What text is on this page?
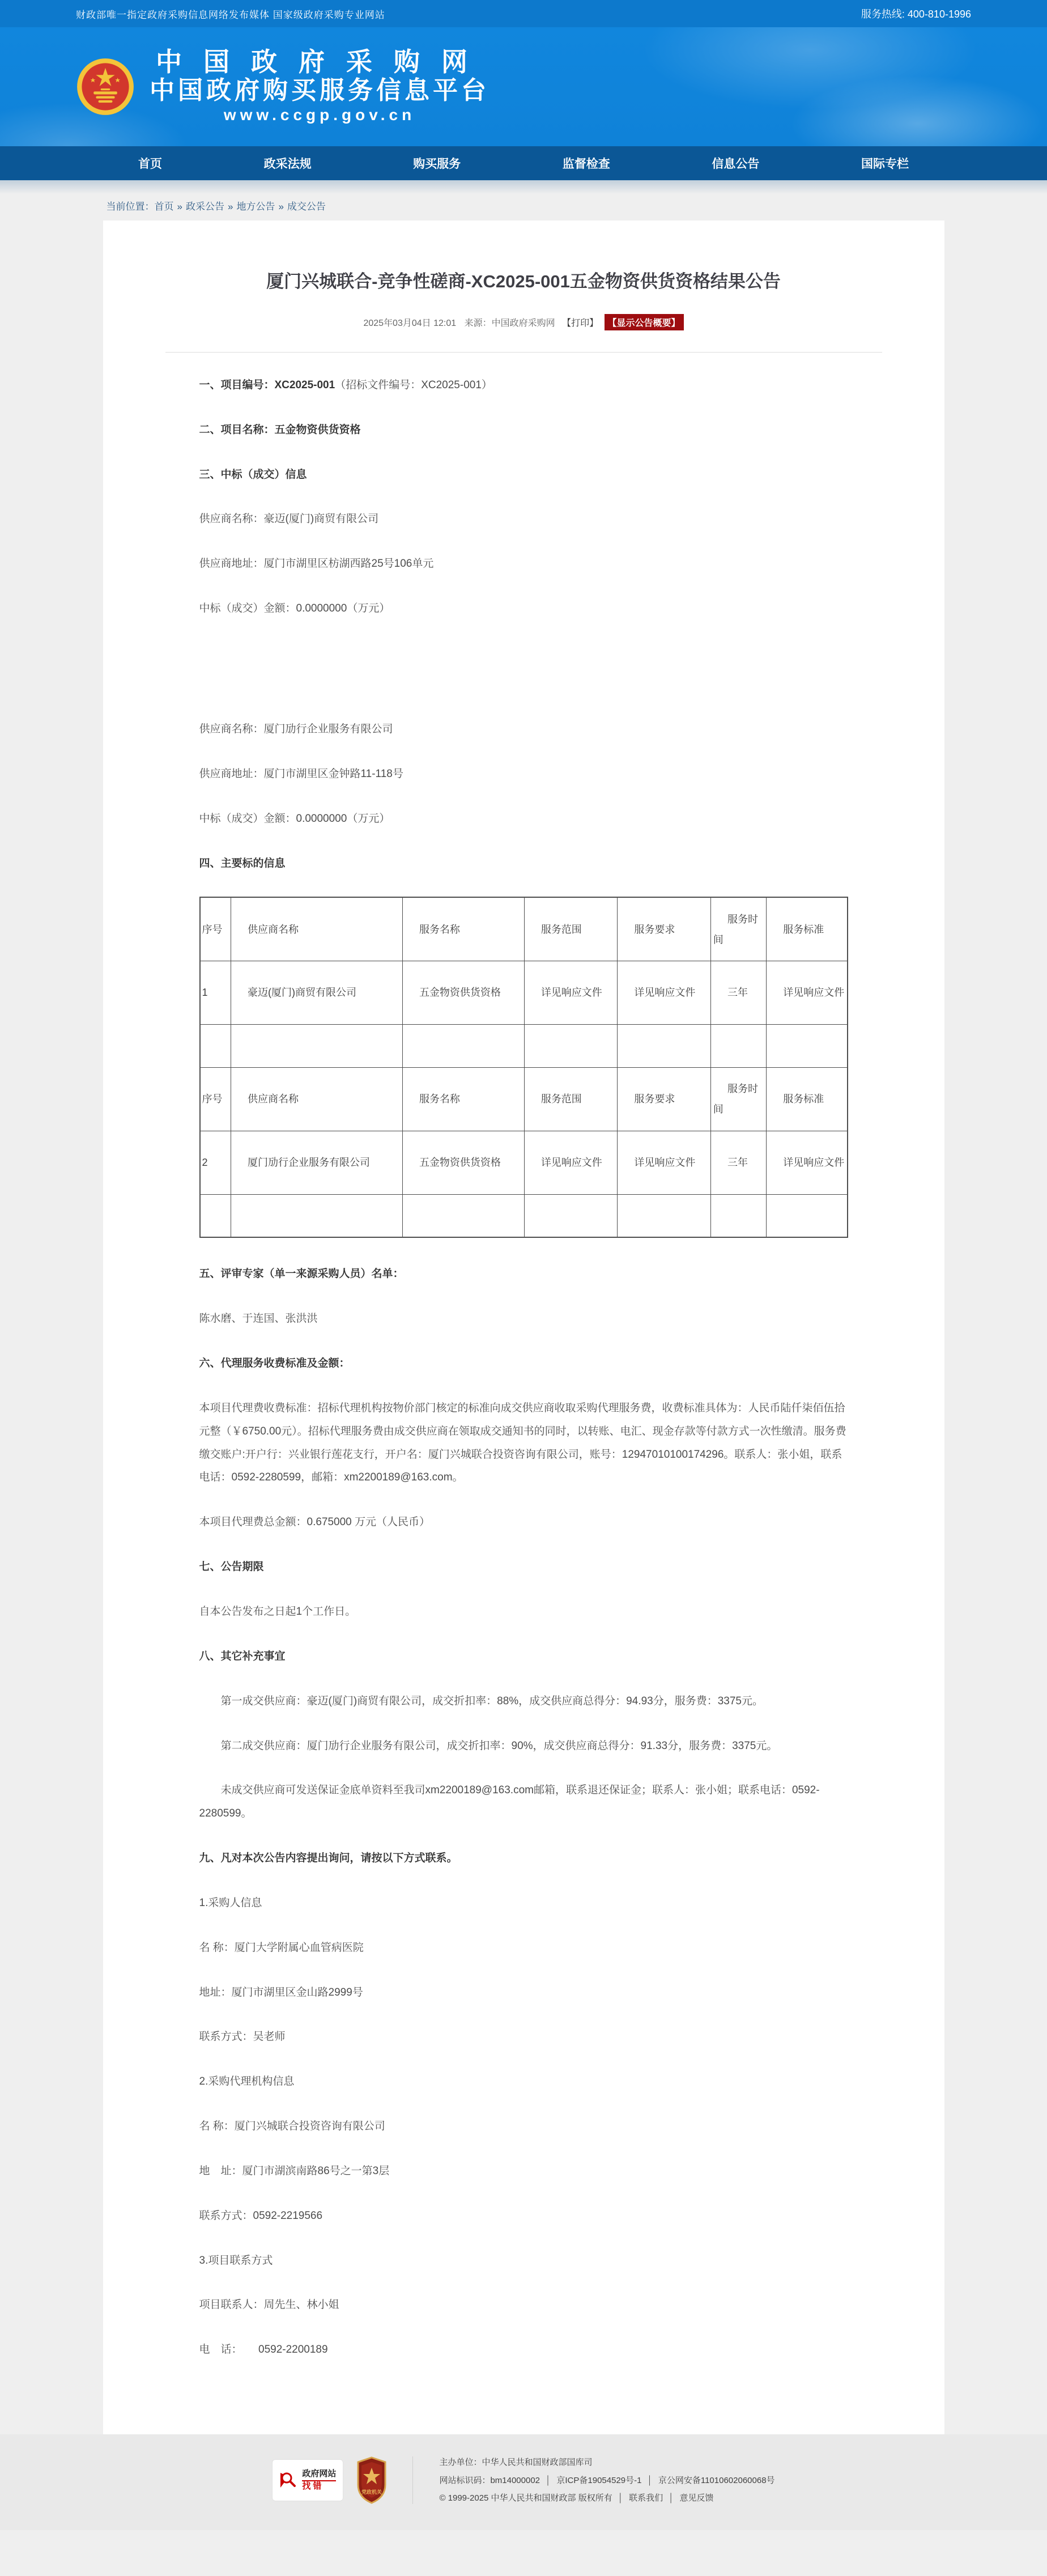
财政部唯一指定政府采购信息网络发布媒体 国家级政府采购专业网站	服务热线: 400-810-1996
中国政府采购网
中国政府购买服务信息平台
www.ccgp.gov.cn
首页	政采法规	购买服务	监督检查	信息公告	国际专栏
当前位置：首页 » 政采公告 » 地方公告 » 成交公告
厦门兴城联合-竞争性磋商-XC2025-001五金物资供货资格结果公告
2025年03月04日 12:01 来源：中国政府采购网 【打印】 【显示公告概要】

一、项目编号：XC2025-001（招标文件编号：XC2025-001）

二、项目名称：五金物资供货资格

三、中标（成交）信息

供应商名称：豪迈(厦门)商贸有限公司

供应商地址：厦门市湖里区枋湖西路25号106单元

中标（成交）金额：0.0000000（万元）

供应商名称：厦门劢行企业服务有限公司

供应商地址：厦门市湖里区金钟路11-118号

中标（成交）金额：0.0000000（万元）

四、主要标的信息

序号	供应商名称	服务名称	服务范围	服务要求	服务时间	服务标准
1	豪迈(厦门)商贸有限公司	五金物资供货资格	详见响应文件	详见响应文件	三年	详见响应文件

序号	供应商名称	服务名称	服务范围	服务要求	服务时间	服务标准
2	厦门劢行企业服务有限公司	五金物资供货资格	详见响应文件	详见响应文件	三年	详见响应文件

五、评审专家（单一来源采购人员）名单：

陈水磨、于连国、张洪洪

六、代理服务收费标准及金额：

本项目代理费收费标准：招标代理机构按物价部门核定的标准向成交供应商收取采购代理服务费，收费标准具体为：人民币陆仟柒佰伍拾元整（￥6750.00元）。招标代理服务费由成交供应商在领取成交通知书的同时，以转账、电汇、现金存款等付款方式一次性缴清。服务费缴交账户:开户行：兴业银行莲花支行，开户名：厦门兴城联合投资咨询有限公司，账号：12947010100174296。联系人：张小姐，联系电话：0592-2280599，邮箱：xm2200189@163.com。

本项目代理费总金额：0.675000 万元（人民币）

七、公告期限

自本公告发布之日起1个工作日。

八、其它补充事宜

第一成交供应商：豪迈(厦门)商贸有限公司，成交折扣率：88%，成交供应商总得分：94.93分，服务费：3375元。

第二成交供应商：厦门劢行企业服务有限公司，成交折扣率：90%，成交供应商总得分：91.33分，服务费：3375元。

未成交供应商可发送保证金底单资料至我司xm2200189@163.com邮箱，联系退还保证金；联系人：张小姐；联系电话：0592-2280599。

九、凡对本次公告内容提出询问，请按以下方式联系。

1.采购人信息

名 称：厦门大学附属心血管病医院

地址：厦门市湖里区金山路2999号

联系方式：吴老师

2.采购代理机构信息

名 称：厦门兴城联合投资咨询有限公司

地　址：厦门市湖滨南路86号之一第3层

联系方式：0592-2219566

3.项目联系方式

项目联系人：周先生、林小姐

电　话：　　0592-2200189

政府网站
找错
党政机关
主办单位：中华人民共和国财政部国库司
网站标识码：bm14000002 │ 京ICP备19054529号-1 │ 京公网安备11010602060068号
© 1999-2025 中华人民共和国财政部 版权所有 │ 联系我们 │ 意见反馈
